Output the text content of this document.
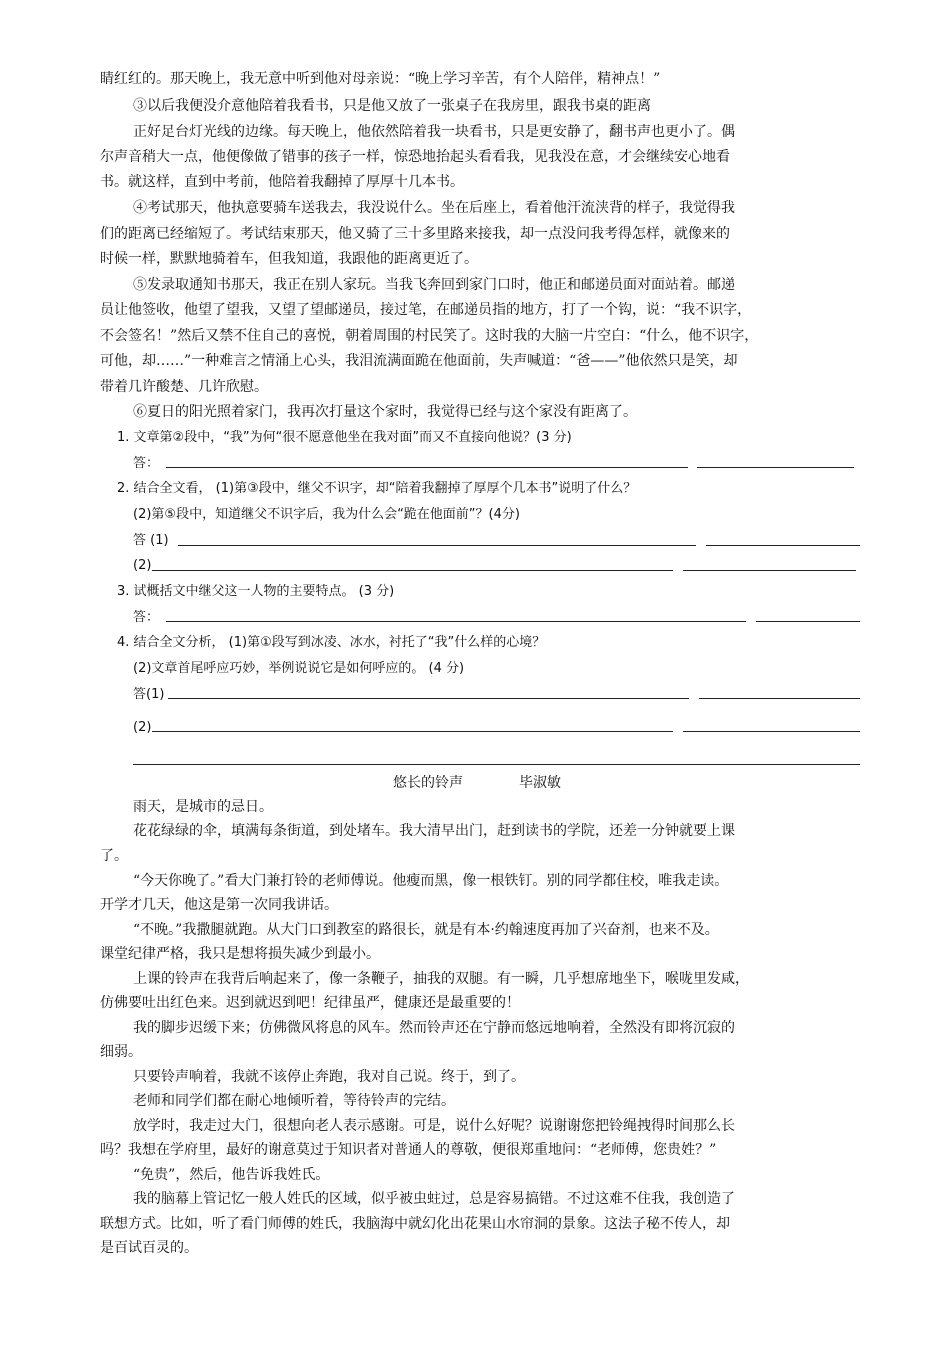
睛红红的。那天晚上，我无意中听到他对母亲说：“晚上学习辛苦，有个人陪伴，精神点！”
③以后我便没介意他陪着我看书，只是他又放了一张桌子在我房里，跟我书桌的距离
正好足台灯光线的边缘。每天晚上，他依然陪着我一块看书，只是更安静了，翻书声也更小了。偶
尔声音稍大一点，他便像做了错事的孩子一样，惊恐地抬起头看看我，见我没在意，才会继续安心地看
书。就这样，直到中考前，他陪着我翻掉了厚厚十几本书。
④考试那天，他执意要骑车送我去，我没说什么。坐在后座上，看着他汗流浃背的样子，我觉得我
们的距离已经缩短了。考试结束那天，他又骑了三十多里路来接我，却一点没问我考得怎样，就像来的
时候一样，默默地骑着车，但我知道，我跟他的距离更近了。
⑤发录取通知书那天，我正在别人家玩。当我飞奔回到家门口时，他正和邮递员面对面站着。邮递
员让他签收，他望了望我，又望了望邮递员，接过笔，在邮递员指的地方，打了一个钩，说：“我不识字，
不会签名！”然后又禁不住自己的喜悦，朝着周围的村民笑了。这时我的大脑一片空白：“什么，他不识字，
可他，却……”一种难言之情涌上心头，我泪流满面跪在他面前，失声喊道：“爸——”他依然只是笑，却
带着几许酸楚、几许欣慰。
⑥夏日的阳光照着家门，我再次打量这个家时，我觉得已经与这个家没有距离了。
1. 文章第②段中，“我”为何“很不愿意他坐在我对面”而又不直接向他说？(3 分)
答：
2. 结合全文看， (1)第③段中，继父不识字，却“陪着我翻掉了厚厚个几本书”说明了什么？
(2)第⑤段中，知道继父不识字后，我为什么会“跪在他面前”？(4分)
答 (1)
(2)
3. 试概括文中继父这一人物的主要特点。 (3 分)
答：
4. 结合全文分析， (1)第①段写到冰凌、冰水，衬托了“我”什么样的心境？
(2)文章首尾呼应巧妙，举例说说它是如何呼应的。 (4 分)
答(1)
(2)
悠长的铃声	毕淑敏
雨天，是城市的忌日。
花花绿绿的伞，填满每条街道，到处堵车。我大清早出门，赶到读书的学院，还差一分钟就要上课
了。
“今天你晚了。”看大门兼打铃的老师傅说。他瘦而黑，像一根铁钉。别的同学都住校，唯我走读。
开学才几天，他这是第一次同我讲话。
“不晚。”我撒腿就跑。从大门口到教室的路很长，就是有本·约翰速度再加了兴奋剂，也来不及。
课堂纪律严格，我只是想将损失减少到最小。
上课的铃声在我背后响起来了，像一条鞭子，抽我的双腿。有一瞬，几乎想席地坐下，喉咙里发咸，
仿佛要吐出红色来。迟到就迟到吧！纪律虽严，健康还是最重要的！
我的脚步迟缓下来；仿佛微风将息的风车。然而铃声还在宁静而悠远地响着，全然没有即将沉寂的
细弱。
只要铃声响着，我就不该停止奔跑，我对自己说。终于，到了。
老师和同学们都在耐心地倾听着，等待铃声的完结。
放学时，我走过大门，很想向老人表示感谢。可是，说什么好呢？说谢谢您把铃绳拽得时间那么长
吗？我想在学府里，最好的谢意莫过于知识者对普通人的尊敬，便很郑重地问：“老师傅，您贵姓？”
“免贵”，然后，他告诉我姓氏。
我的脑幕上管记忆一般人姓氏的区域，似乎被虫蛀过，总是容易搞错。不过这难不住我，我创造了
联想方式。比如，听了看门师傅的姓氏，我脑海中就幻化出花果山水帘洞的景象。这法子秘不传人，却
是百试百灵的。
